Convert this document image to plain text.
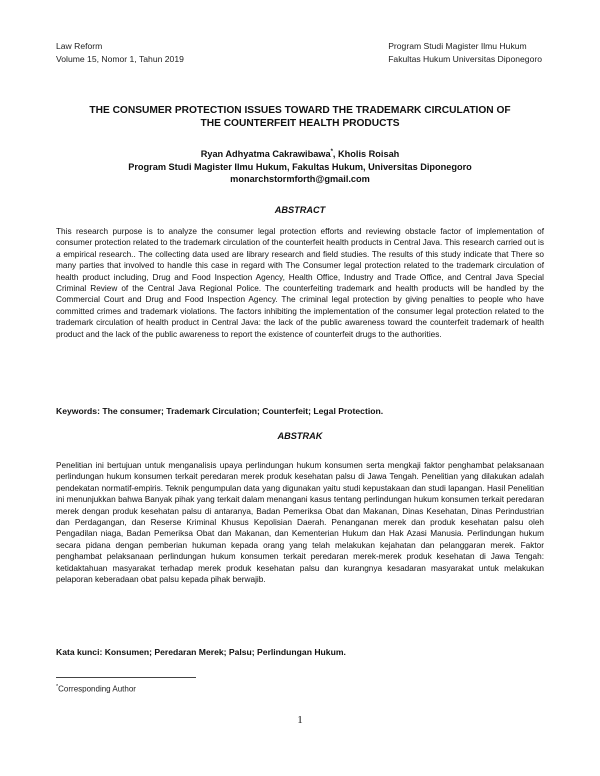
Law Reform
Volume 15, Nomor 1, Tahun 2019
Program Studi Magister Ilmu Hukum
Fakultas Hukum Universitas Diponegoro
THE CONSUMER PROTECTION ISSUES TOWARD THE TRADEMARK CIRCULATION OF
THE COUNTERFEIT HEALTH PRODUCTS
Ryan Adhyatma Cakrawibawa*, Kholis Roisah
Program Studi Magister Ilmu Hukum, Fakultas Hukum, Universitas Diponegoro
monarchstormforth@gmail.com
ABSTRACT

This research purpose is to analyze the consumer legal protection efforts and reviewing obstacle factor of implementation of consumer protection related to the trademark circulation of the counterfeit health products in Central Java. This research carried out is a empirical research.. The collecting data used are library research and field studies. The results of this study indicate that There so many parties that involved to handle this case in regard with The Consumer legal protection related to the trademark circulation of health product including, Drug and Food Inspection Agency, Health Office, Industry and Trade Office, and Central Java Special Criminal Review of the Central Java Regional Police. The counterfeiting trademark and health products will be handled by the Commercial Court and Drug and Food Inspection Agency. The criminal legal protection by giving penalties to people who have committed crimes and trademark violations. The factors inhibiting the implementation of the consumer legal protection related to the trademark circulation of health product in Central Java: the lack of the public awareness toward the counterfeit trademark of health product and the lack of the public awareness to report the existence of counterfeit drugs to the authorities.

Keywords: The consumer; Trademark Circulation; Counterfeit; Legal Protection.
ABSTRAK

Penelitian ini bertujuan untuk menganalisis upaya perlindungan hukum konsumen serta mengkaji faktor penghambat pelaksanaan perlindungan hukum konsumen terkait peredaran merek produk kesehatan palsu di Jawa Tengah. Penelitian yang dilakukan adalah pendekatan normatif-empiris. Teknik pengumpulan data yang digunakan yaitu studi kepustakaan dan studi lapangan. Hasil Penelitian ini menunjukkan bahwa Banyak pihak yang terkait dalam menangani kasus tentang perlindungan hukum konsumen terkait peredaran merek dengan produk kesehatan palsu di antaranya, Badan Pemeriksa Obat dan Makanan, Dinas Kesehatan, Dinas Perindustrian dan Perdagangan, dan Reserse Kriminal Khusus Kepolisian Daerah. Penanganan merek dan produk kesehatan palsu oleh Pengadilan niaga, Badan Pemeriksa Obat dan Makanan, dan Kementerian Hukum dan Hak Azasi Manusia. Perlindungan hukum secara pidana dengan pemberian hukuman kepada orang yang telah melakukan kejahatan dan pelanggaran merek. Faktor penghambat pelaksanaan perlindungan hukum konsumen terkait peredaran merek-merek produk kesehatan di Jawa Tengah: ketidaktahuan masyarakat terhadap merek produk kesehatan palsu dan kurangnya kesadaran masyarakat untuk melakukan pelaporan keberadaan obat palsu kepada pihak berwajib.

Kata kunci: Konsumen; Peredaran Merek; Palsu; Perlindungan Hukum.
*Corresponding Author
1
